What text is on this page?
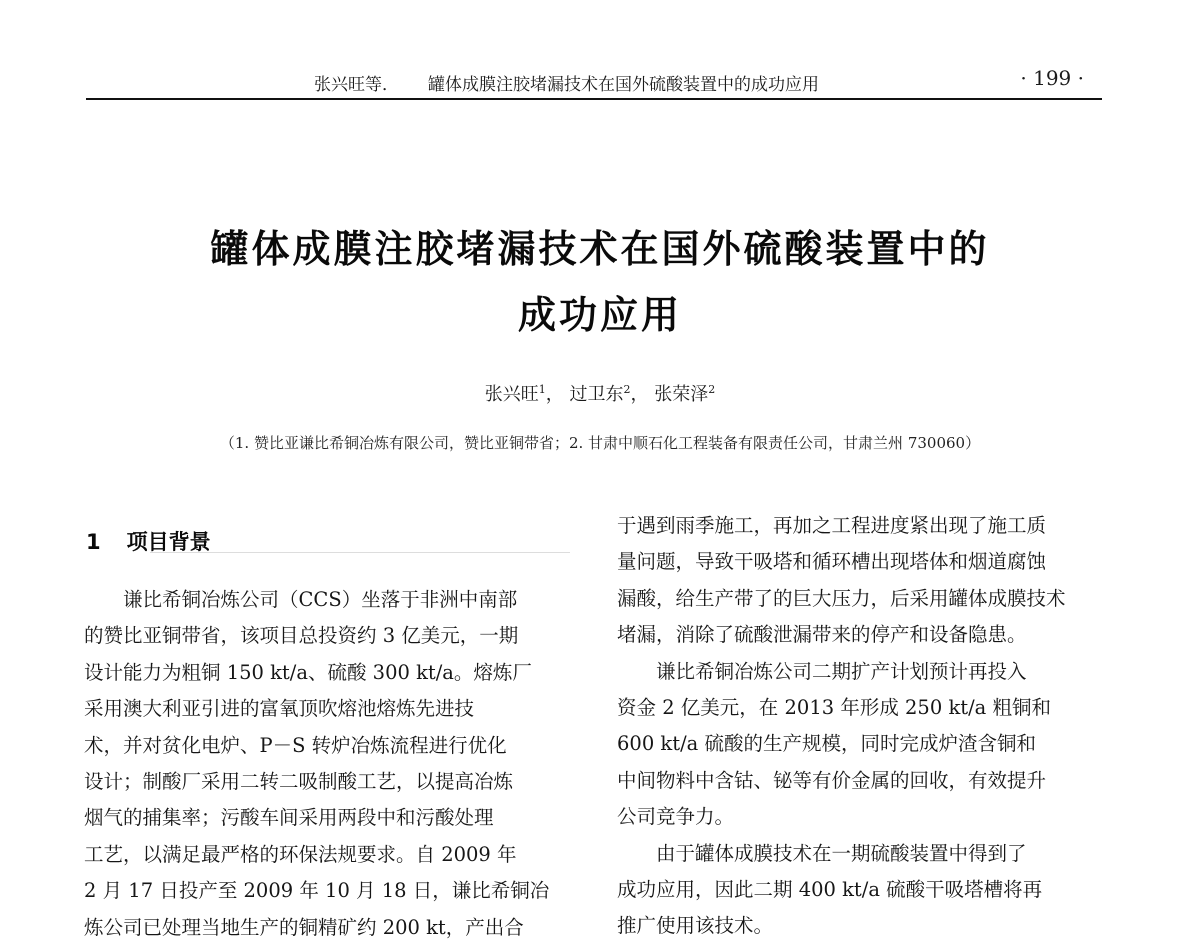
张兴旺等． 罐体成膜注胶堵漏技术在国外硫酸装置中的成功应用	· 199 ·
罐体成膜注胶堵漏技术在国外硫酸装置中的
成功应用
张兴旺$^1$， 过卫东$^2$， 张荣泽$^2$
（1. 赞比亚谦比希铜冶炼有限公司，赞比亚铜带省；2. 甘肃中顺石化工程装备有限责任公司，甘肃兰州 730060）
1 项目背景
　　谦比希铜冶炼公司（CCS）坐落于非洲中南部
的赞比亚铜带省，该项目总投资约 3 亿美元，一期
设计能力为粗铜 150 kt/a、硫酸 300 kt/a。熔炼厂
采用澳大利亚引进的富氧顶吹熔池熔炼先进技
术，并对贫化电炉、P－S 转炉冶炼流程进行优化
设计；制酸厂采用二转二吸制酸工艺，以提高冶炼
烟气的捕集率；污酸车间采用两段中和污酸处理
工艺，以满足最严格的环保法规要求。自 2009 年
2 月 17 日投产至 2009 年 10 月 18 日，谦比希铜冶
炼公司已处理当地生产的铜精矿约 200 kt，产出合
于遇到雨季施工，再加之工程进度紧出现了施工质
量问题，导致干吸塔和循环槽出现塔体和烟道腐蚀
漏酸，给生产带了的巨大压力，后采用罐体成膜技术
堵漏，消除了硫酸泄漏带来的停产和设备隐患。
　　谦比希铜冶炼公司二期扩产计划预计再投入
资金 2 亿美元，在 2013 年形成 250 kt/a 粗铜和
600 kt/a 硫酸的生产规模，同时完成炉渣含铜和
中间物料中含钴、铋等有价金属的回收，有效提升
公司竞争力。
　　由于罐体成膜技术在一期硫酸装置中得到了
成功应用，因此二期 400 kt/a 硫酸干吸塔槽将再
推广使用该技术。
